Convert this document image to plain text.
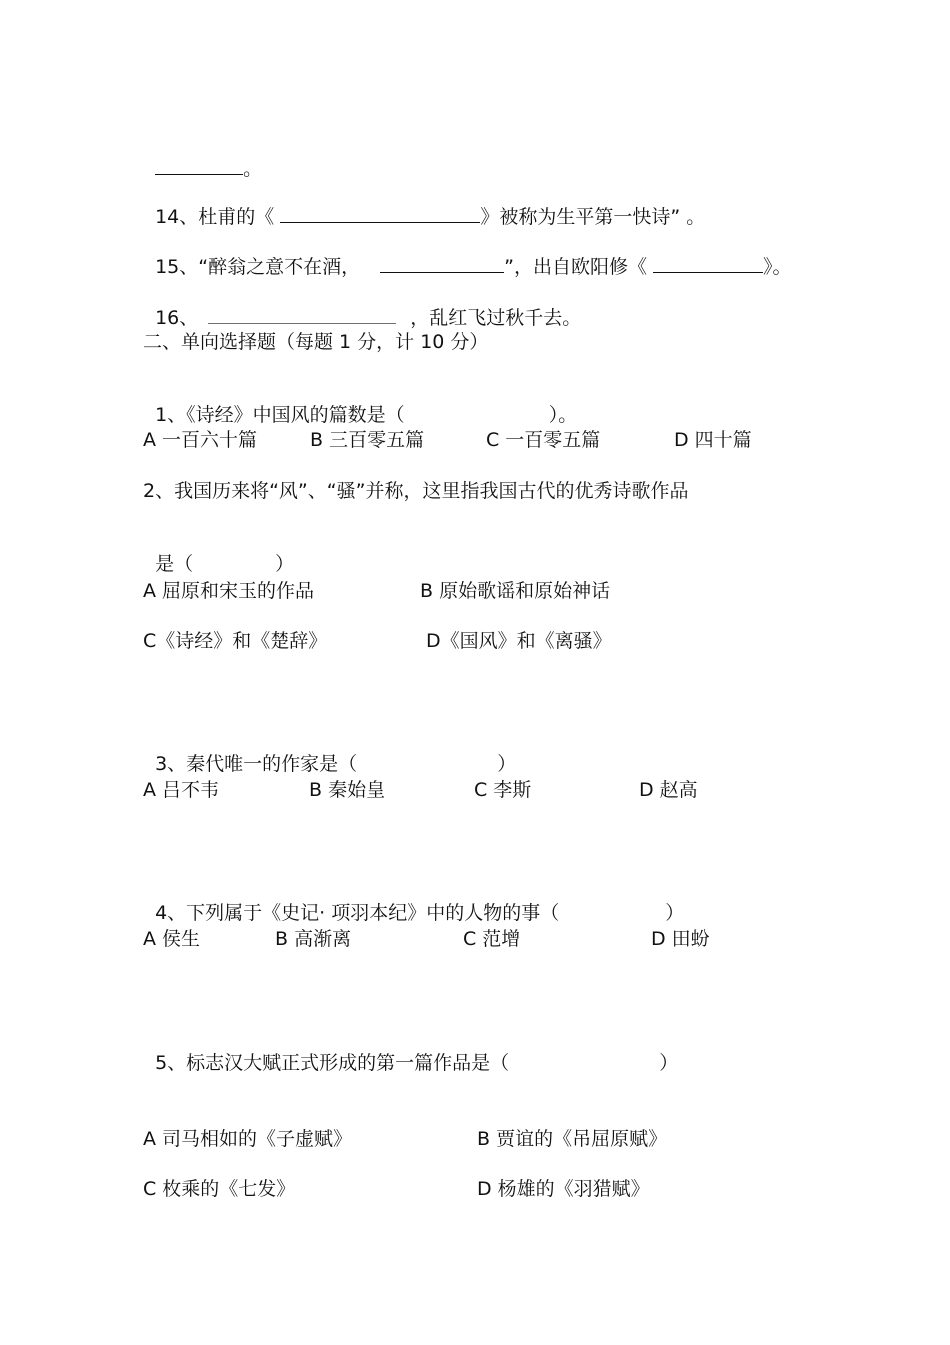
。

14、杜甫的《	》被称为生平第一快诗” 。

15、“醉翁之意不在酒，	”，出自欧阳修《	》。

16、	，乱红飞过秋千去。

二、单向选择题（每题 1 分，计 10 分）

1、《诗经》中国风的篇数是（	）。

A 一百六十篇	B 三百零五篇	C 一百零五篇	D 四十篇
2、我国历来将“风”、“骚”并称，这里指我国古代的优秀诗歌作品

是（	）

A 屈原和宋玉的作品	B 原始歌谣和原始神话
C《诗经》和《楚辞》	D《国风》和《离骚》

3、秦代唯一的作家是（	）

A 吕不韦	B 秦始皇	C 李斯	D 赵高

4、下列属于《史记· 项羽本纪》中的人物的事（	）

A 侯生	B 高渐离	C 范增	D 田蚡

5、标志汉大赋正式形成的第一篇作品是（	）

A 司马相如的《子虚赋》	B 贾谊的《吊屈原赋》
C 枚乘的《七发》	D 杨雄的《羽猎赋》
